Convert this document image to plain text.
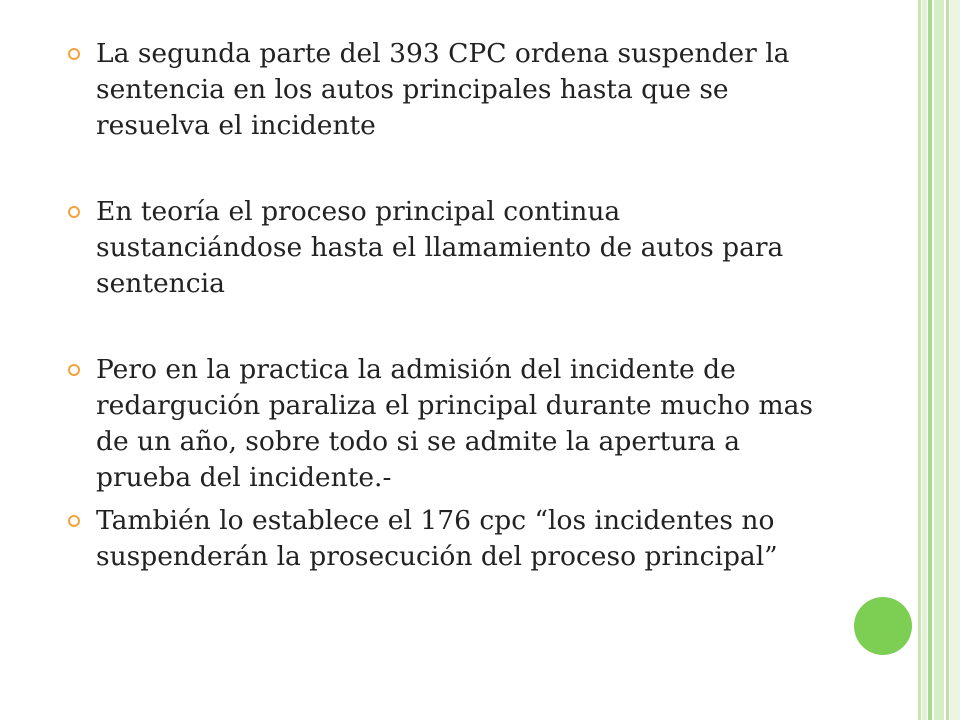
La segunda parte del 393 CPC ordena suspender la sentencia en los autos principales hasta que se resuelva el incidente
En teoría el proceso principal continua sustanciándose hasta el llamamiento de autos para sentencia
Pero en la practica la admisión del incidente de redargución paraliza el principal durante mucho mas de un año, sobre todo si se admite la apertura a prueba del incidente.-
También lo establece el 176 cpc “los incidentes no suspenderán la prosecución del proceso principal”
